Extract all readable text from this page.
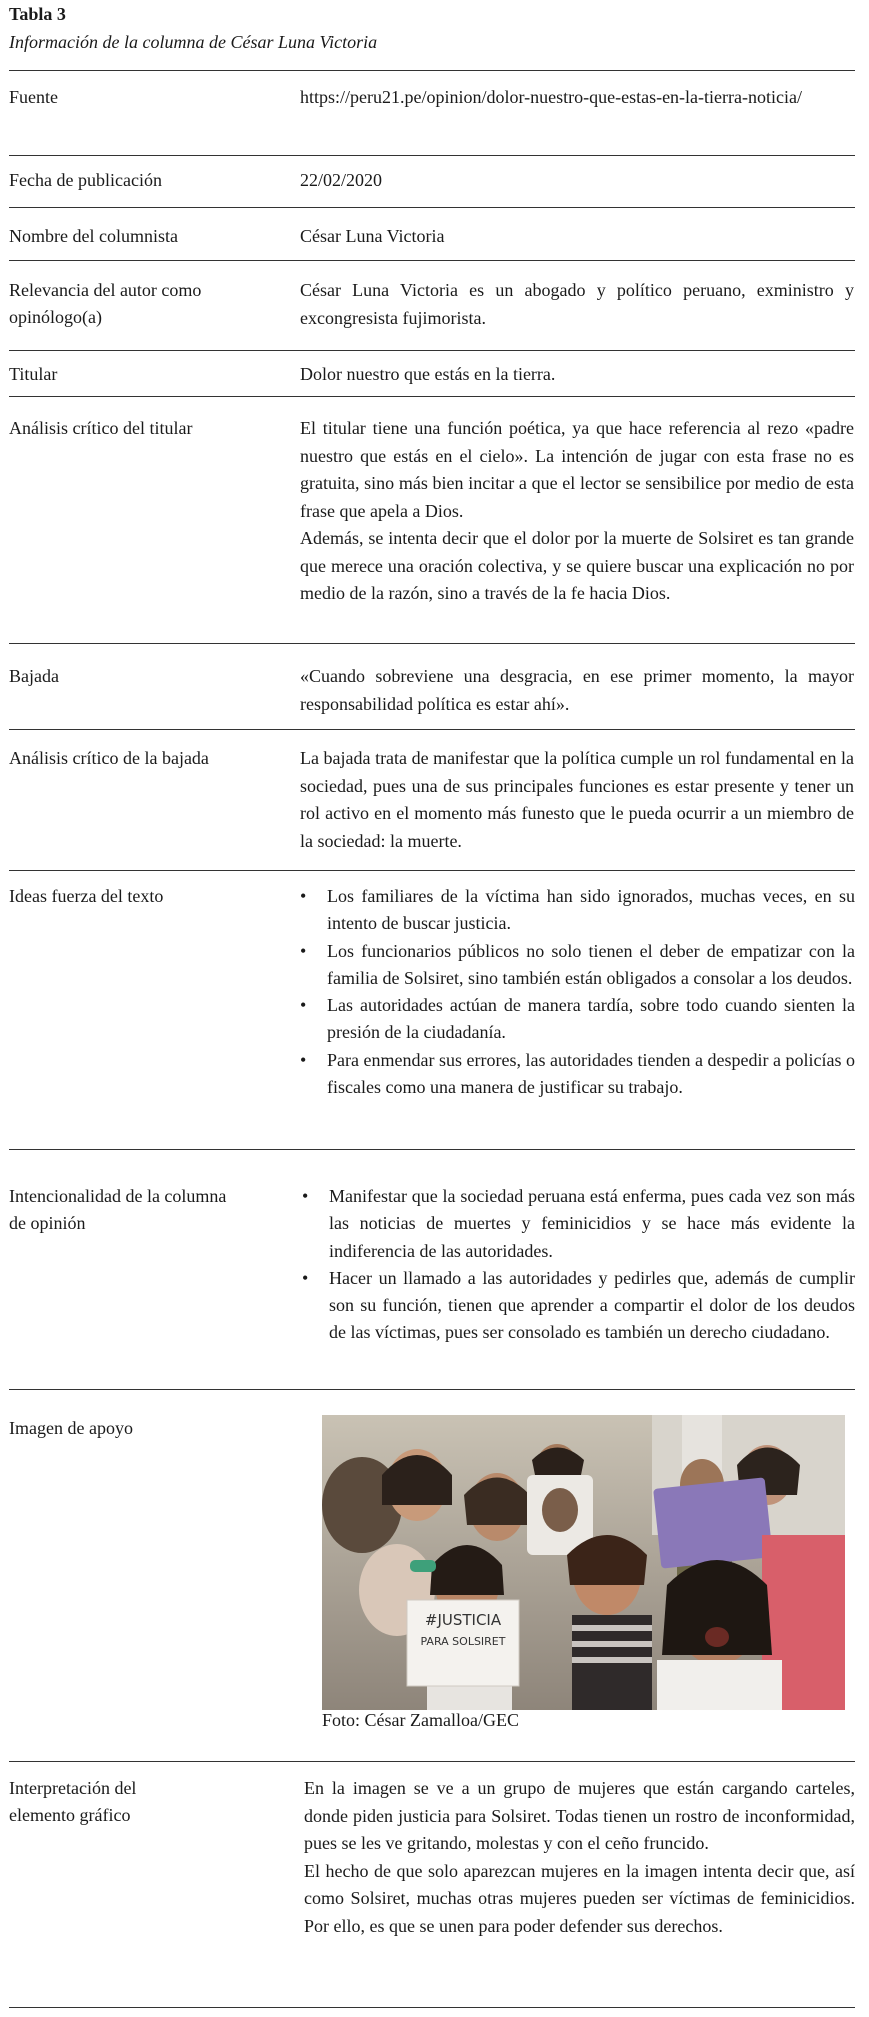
Tabla 3
Información de la columna de César Luna Victoria
Fuente	https://peru21.pe/opinion/dolor-nuestro-que-estas-en-la-tierra-noticia/
Fecha de publicación	22/02/2020
Nombre del columnista	César Luna Victoria
Relevancia del autor como opinólogo(a)
César Luna Victoria es un abogado y político peruano, exministro y excongresista fujimorista.
Titular	Dolor nuestro que estás en la tierra.
Análisis crítico del titular	El titular tiene una función poética, ya que hace referencia al rezo «padre nuestro que estás en el cielo». La intención de jugar con esta frase no es gratuita, sino más bien incitar a que el lector se sensibilice por medio de esta frase que apela a Dios.

Además, se intenta decir que el dolor por la muerte de Solsiret es tan grande que merece una oración colectiva, y se quiere buscar una explicación no por medio de la razón, sino a través de la fe hacia Dios.

Bajada	«Cuando sobreviene una desgracia, en ese primer momento, la mayor responsabilidad política es estar ahí».
Análisis crítico de la bajada	La bajada trata de manifestar que la política cumple un rol fundamental en la sociedad, pues una de sus principales funciones es estar presente y tener un rol activo en el momento más funesto que le pueda ocurrir a un miembro de la sociedad: la muerte.
Ideas fuerza del texto
•	Los familiares de la víctima han sido ignorados, muchas veces, en su intento de buscar justicia.
• Los funcionarios públicos no solo tienen el deber de empatizar con la familia de Solsiret, sino también están obligados a consolar a los deudos.
• Las autoridades actúan de manera tardía, sobre todo cuando sienten la presión de la ciudadanía.
• Para enmendar sus errores, las autoridades tienden a despedir a policías o fiscales como una manera de justificar su trabajo.
Intencionalidad de la columna
de opinión
• Manifestar que la sociedad peruana está enferma, pues cada vez son más las noticias de muertes y feminicidios y se hace más evidente la indiferencia de las autoridades.
• Hacer un llamado a las autoridades y pedirles que, además de cumplir son su función, tienen que aprender a compartir el dolor de los deudos de las víctimas, pues ser consolado es también un derecho ciudadano.
Imagen de apoyo
#JUSTICIA
PARA SOLSIRET
Foto: César Zamalloa/GEC
Interpretación del
elemento gráfico

En la imagen se ve a un grupo de mujeres que están cargando carteles, donde piden justicia para Solsiret. Todas tienen un rostro de inconformidad, pues se les ve gritando, molestas y con el ceño fruncido.

El hecho de que solo aparezcan mujeres en la imagen intenta decir que, así como Solsiret, muchas otras mujeres pueden ser víctimas de feminicidios. Por ello, es que se unen para poder defender sus derechos.
